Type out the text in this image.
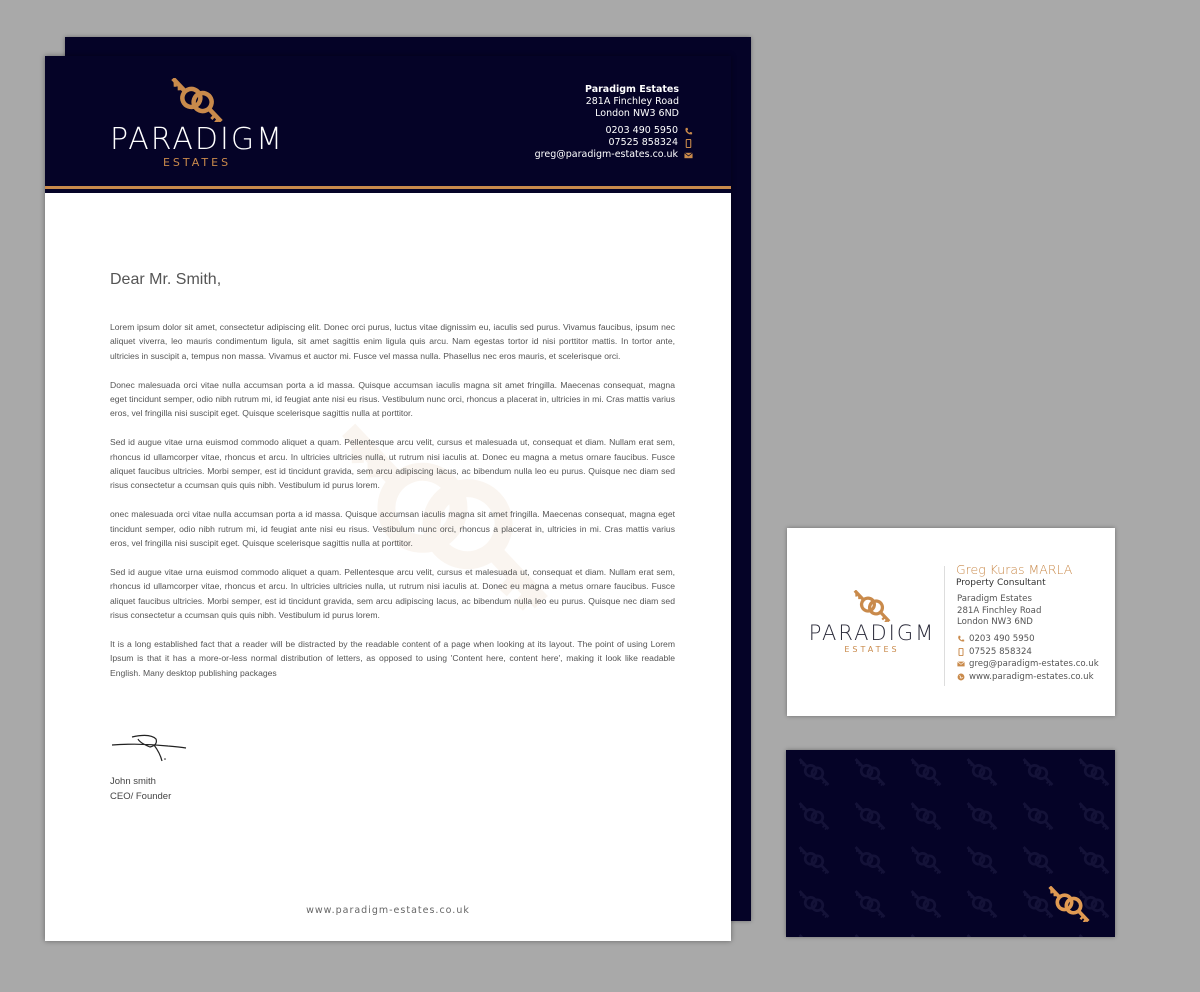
PARADIGM
ESTATES
Paradigm Estates
281A Finchley Road
London NW3 6ND
0203 490 5950
07525 858324
greg@paradigm-estates.co.uk
Dear Mr. Smith,

Lorem ipsum dolor sit amet, consectetur adipiscing elit. Donec orci purus, luctus vitae dignissim eu, iaculis sed purus. Vivamus faucibus, ipsum nec aliquet viverra, leo mauris condimentum ligula, sit amet sagittis enim ligula quis arcu. Nam egestas tortor id nisi porttitor mattis. In tortor ante, ultricies in suscipit a, tempus non massa. Vivamus et auctor mi. Fusce vel massa nulla. Phasellus nec eros mauris, et scelerisque orci.

Donec malesuada orci vitae nulla accumsan porta a id massa. Quisque accumsan iaculis magna sit amet fringilla. Maecenas consequat, magna eget tincidunt semper, odio nibh rutrum mi, id feugiat ante nisi eu risus. Vestibulum nunc orci, rhoncus a placerat in, ultricies in mi. Cras mattis varius eros, vel fringilla nisi suscipit eget. Quisque scelerisque sagittis nulla at porttitor.

Sed id augue vitae urna euismod commodo aliquet a quam. Pellentesque arcu velit, cursus et malesuada ut, consequat et diam. Nullam erat sem, rhoncus id ullamcorper vitae, rhoncus et arcu. In ultricies ultricies nulla, ut rutrum nisi iaculis at. Donec eu magna a metus ornare faucibus. Fusce aliquet faucibus ultricies. Morbi semper, est id tincidunt gravida, sem arcu adipiscing lacus, ac bibendum nulla leo eu purus. Quisque nec diam sed risus consectetur a ccumsan quis quis nibh. Vestibulum id purus lorem.

onec malesuada orci vitae nulla accumsan porta a id massa. Quisque accumsan iaculis magna sit amet fringilla. Maecenas consequat, magna eget tincidunt semper, odio nibh rutrum mi, id feugiat ante nisi eu risus. Vestibulum nunc orci, rhoncus a placerat in, ultricies in mi. Cras mattis varius eros, vel fringilla nisi suscipit eget. Quisque scelerisque sagittis nulla at porttitor.

Sed id augue vitae urna euismod commodo aliquet a quam. Pellentesque arcu velit, cursus et malesuada ut, consequat et diam. Nullam erat sem, rhoncus id ullamcorper vitae, rhoncus et arcu. In ultricies ultricies nulla, ut rutrum nisi iaculis at. Donec eu magna a metus ornare faucibus. Fusce aliquet faucibus ultricies. Morbi semper, est id tincidunt gravida, sem arcu adipiscing lacus, ac bibendum nulla leo eu purus. Quisque nec diam sed risus consectetur a ccumsan quis quis nibh. Vestibulum id purus lorem.

It is a long established fact that a reader will be distracted by the readable content of a page when looking at its layout. The point of using Lorem Ipsum is that it has a more-or-less normal distribution of letters, as opposed to using 'Content here, content here', making it look like readable English. Many desktop publishing packages

John smith
CEO/ Founder
www.paradigm-estates.co.uk
PARADIGM
ESTATES
Greg Kuras MARLA
Property Consultant
Paradigm Estates
281A Finchley Road
London NW3 6ND
0203 490 5950
07525 858324
greg@paradigm-estates.co.uk
www.paradigm-estates.co.uk
